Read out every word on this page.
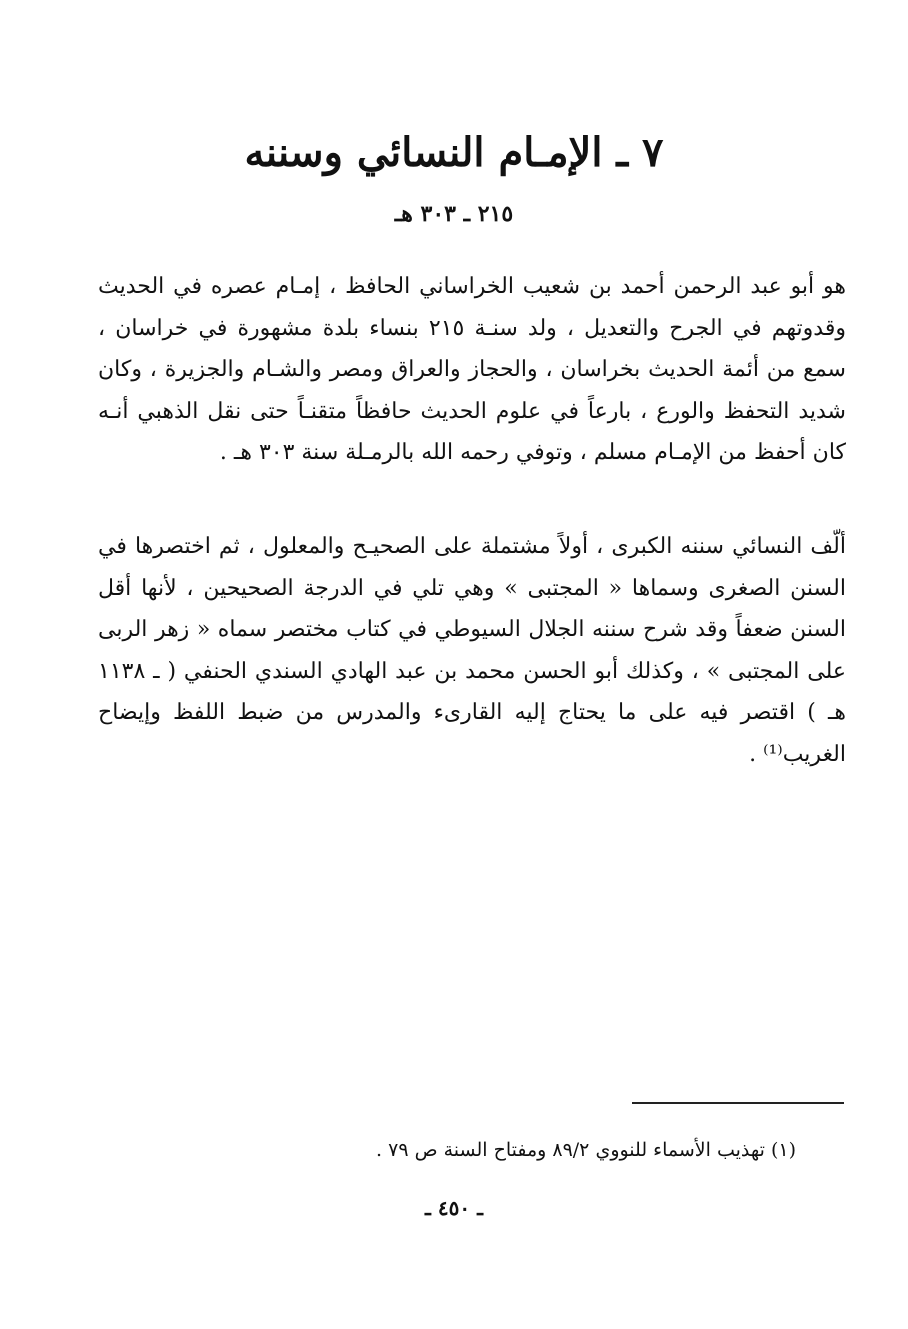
٧ ـ الإمـام النسائي وسننه
٢١٥ ـ ٣٠٣ هـ

هو أبو عبد الرحمن أحمد بن شعيب الخراساني الحافظ ، إمـام عصره في الحديث وقدوتهم في الجرح والتعديل ، ولد سنـة ٢١٥ بنساء بلدة مشهورة في خراسان ، سمع من أئمة الحديث بخراسان ، والحجاز والعراق ومصر والشـام والجزيرة ، وكان شديد التحفظ والورع ، بارعاً في علوم الحديث حافظاً متقنـاً حتى نقل الذهبي أنـه كان أحفظ من الإمـام مسلم ، وتوفي رحمه الله بالرمـلة سنة ٣٠٣ هـ .

ألّف النسائي سننه الكبرى ، أولاً مشتملة على الصحيـح والمعلول ، ثم اختصرها في السنن الصغرى وسماها « المجتبى » وهي تلي في الدرجة الصحيحين ، لأنها أقل السنن ضعفاً وقد شرح سننه الجلال السيوطي في كتاب مختصر سماه « زهر الربى على المجتبى » ، وكذلك أبو الحسن محمد بن عبد الهادي السندي الحنفي ( ـ ١١٣٨ هـ ) اقتصر فيه على ما يحتاج إليه القارىء والمدرس من ضبط اللفظ وإيضاح الغريب⁽¹⁾ .

(١) تهذيب الأسماء للنووي ٨٩/٢ ومفتاح السنة ص ٧٩ .

ـ ٤٥٠ ـ
